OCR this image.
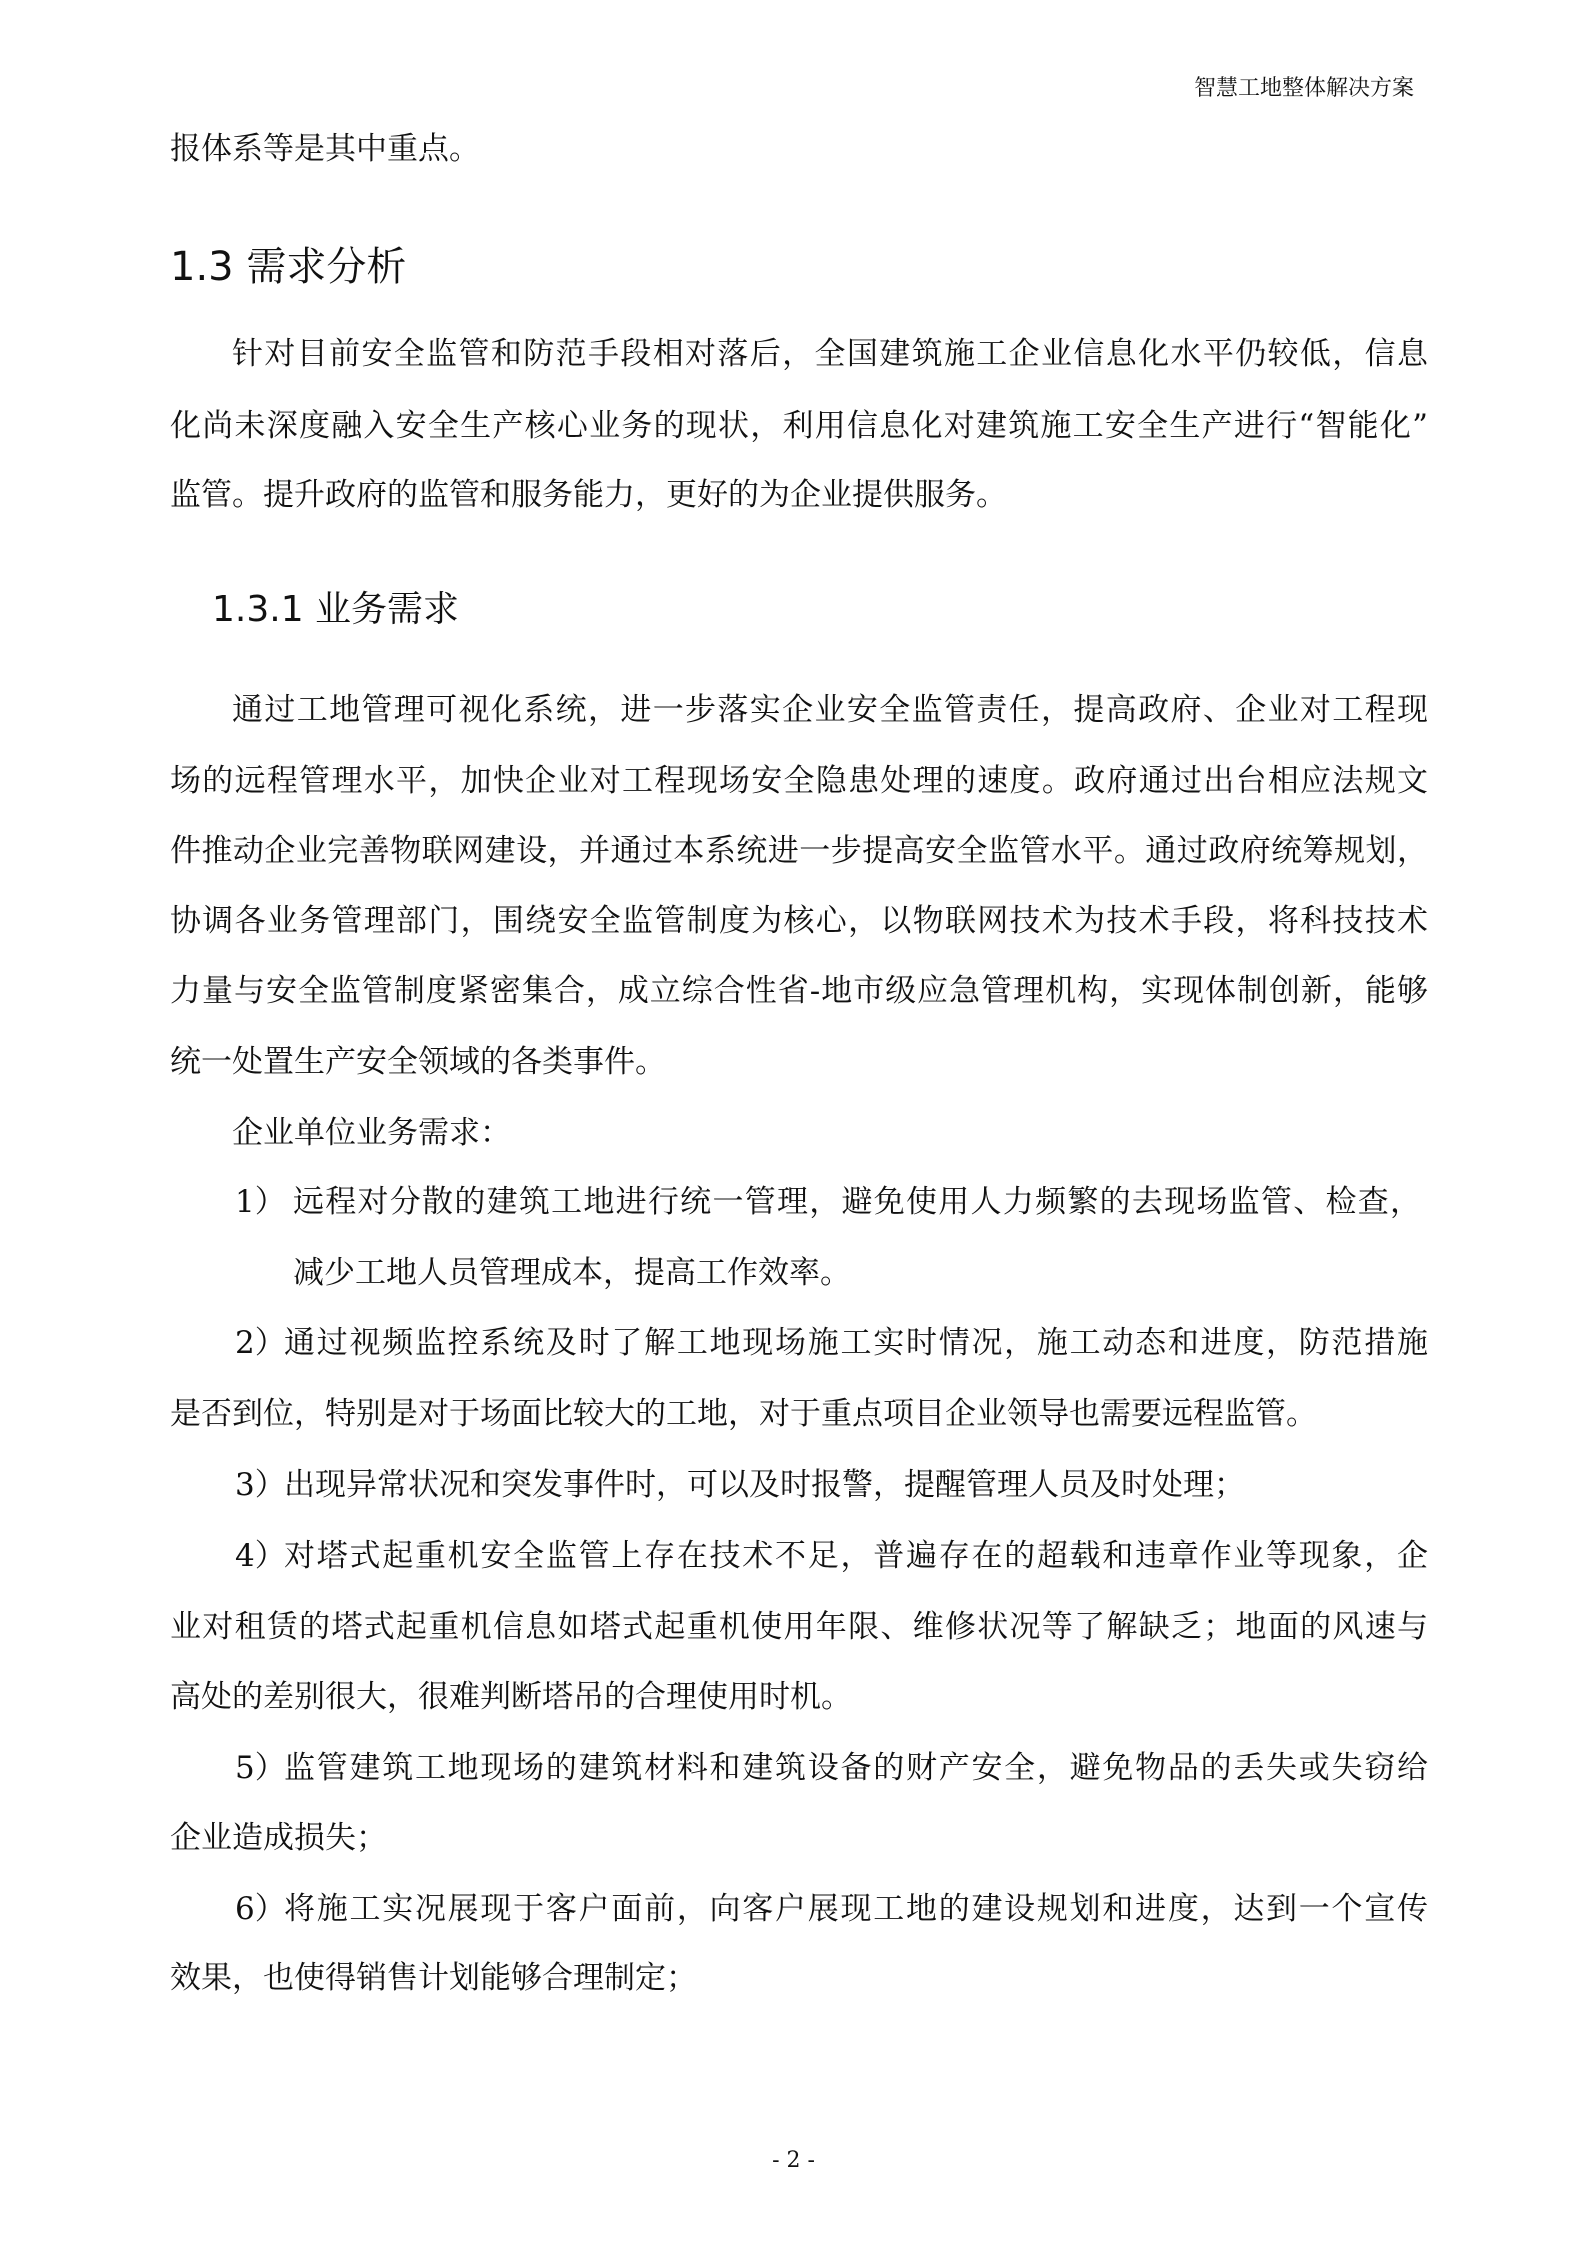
智慧工地整体解决方案
报体系等是其中重点。
1.3 需求分析
针对目前安全监管和防范手段相对落后，全国建筑施工企业信息化水平仍较低，信息
化尚未深度融入安全生产核心业务的现状，利用信息化对建筑施工安全生产进行“智能化”
监管。提升政府的监管和服务能力，更好的为企业提供服务。
1.3.1 业务需求
通过工地管理可视化系统，进一步落实企业安全监管责任，提高政府、企业对工程现
场的远程管理水平，加快企业对工程现场安全隐患处理的速度。政府通过出台相应法规文
件推动企业完善物联网建设，并通过本系统进一步提高安全监管水平。通过政府统筹规划，
协调各业务管理部门，围绕安全监管制度为核心，以物联网技术为技术手段，将科技技术
力量与安全监管制度紧密集合，成立综合性省-地市级应急管理机构，实现体制创新，能够
统一处置生产安全领域的各类事件。
企业单位业务需求：
1） 远程对分散的建筑工地进行统一管理，避免使用人力频繁的去现场监管、检查，
减少工地人员管理成本，提高工作效率。
2）
通过视频监控系统及时了解工地现场施工实时情况，施工动态和进度，防范措施
是否到位，特别是对于场面比较大的工地，对于重点项目企业领导也需要远程监管。
3）
出现异常状况和突发事件时，可以及时报警，提醒管理人员及时处理；
4）
对塔式起重机安全监管上存在技术不足，普遍存在的超载和违章作业等现象，企
业对租赁的塔式起重机信息如塔式起重机使用年限、维修状况等了解缺乏；地面的风速与
高处的差别很大，很难判断塔吊的合理使用时机。
5）
监管建筑工地现场的建筑材料和建筑设备的财产安全，避免物品的丢失或失窃给
企业造成损失；
6）
将施工实况展现于客户面前，向客户展现工地的建设规划和进度，达到一个宣传
效果，也使得销售计划能够合理制定；
- 2 -
